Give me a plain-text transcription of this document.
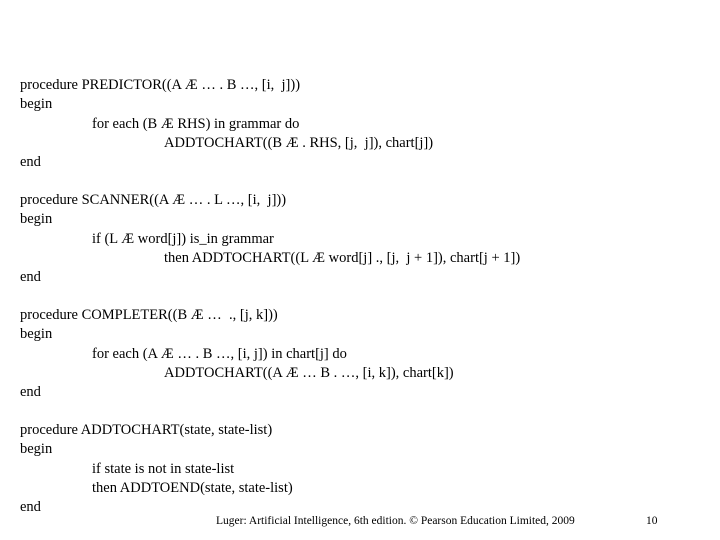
procedure PREDICTOR((A Æ … . B …, [i,  j]))
begin
for each (B Æ RHS) in grammar do
ADDTOCHART((B Æ . RHS, [j,  j]), chart[j])
end
procedure SCANNER((A Æ … . L …, [i,  j]))
begin
if (L Æ word[j]) is_in grammar
then ADDTOCHART((L Æ word[j] ., [j,  j + 1]), chart[j + 1])
end
procedure COMPLETER((B Æ …  ., [j, k]))
begin
for each (A Æ … . B …, [i, j]) in chart[j] do
ADDTOCHART((A Æ … B . …, [i, k]), chart[k])
end
procedure ADDTOCHART(state, state-list)
begin
if state is not in state-list
then ADDTOEND(state, state-list)
end
Luger: Artificial Intelligence, 6th edition. © Pearson Education Limited, 2009	10
